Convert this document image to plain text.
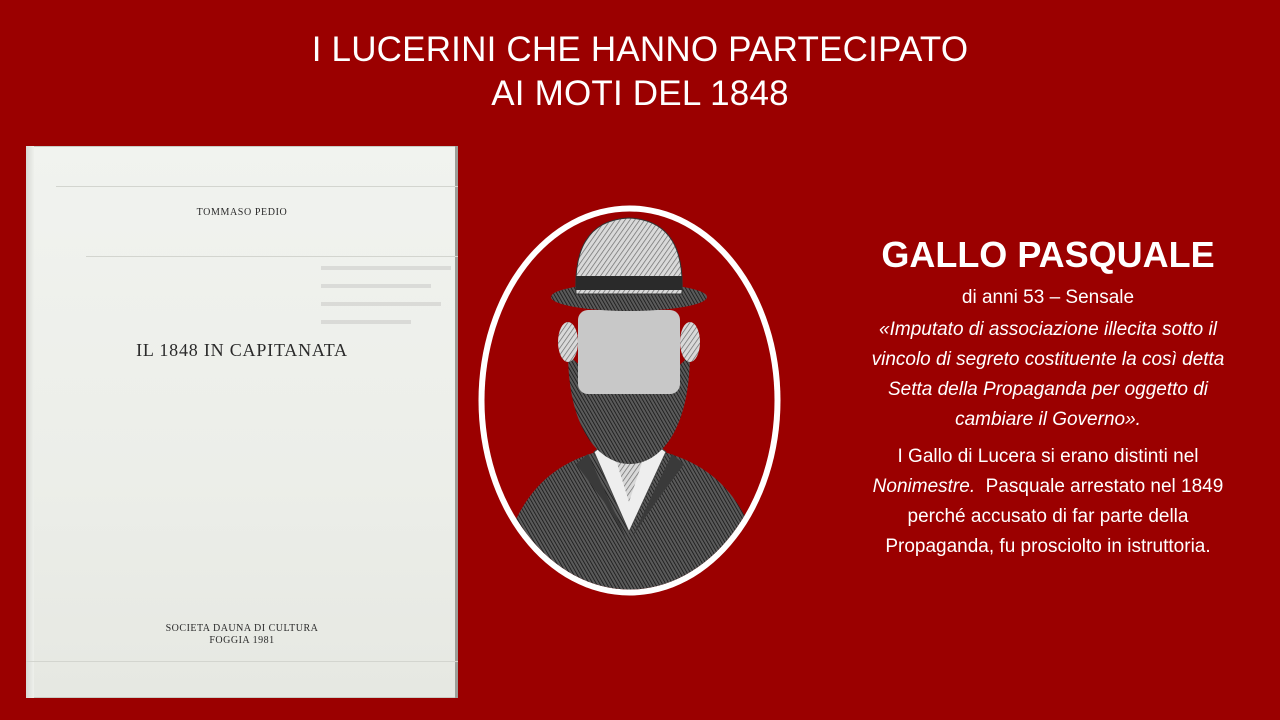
I LUCERINI CHE HANNO PARTECIPATO
AI MOTI DEL 1848
TOMMASO PEDIO
IL 1848 IN CAPITANATA
SOCIETA DAUNA DI CULTURA
FOGGIA 1981
GALLO PASQUALE
di anni 53 – Sensale
«Imputato di associazione illecita sotto il
vincolo di segreto costituente la così detta
Setta della Propaganda per oggetto di
cambiare il Governo».
I Gallo di Lucera si erano distinti nel
Nonimestre.  Pasquale arrestato nel 1849
perché accusato di far parte della
Propaganda, fu prosciolto in istruttoria.
